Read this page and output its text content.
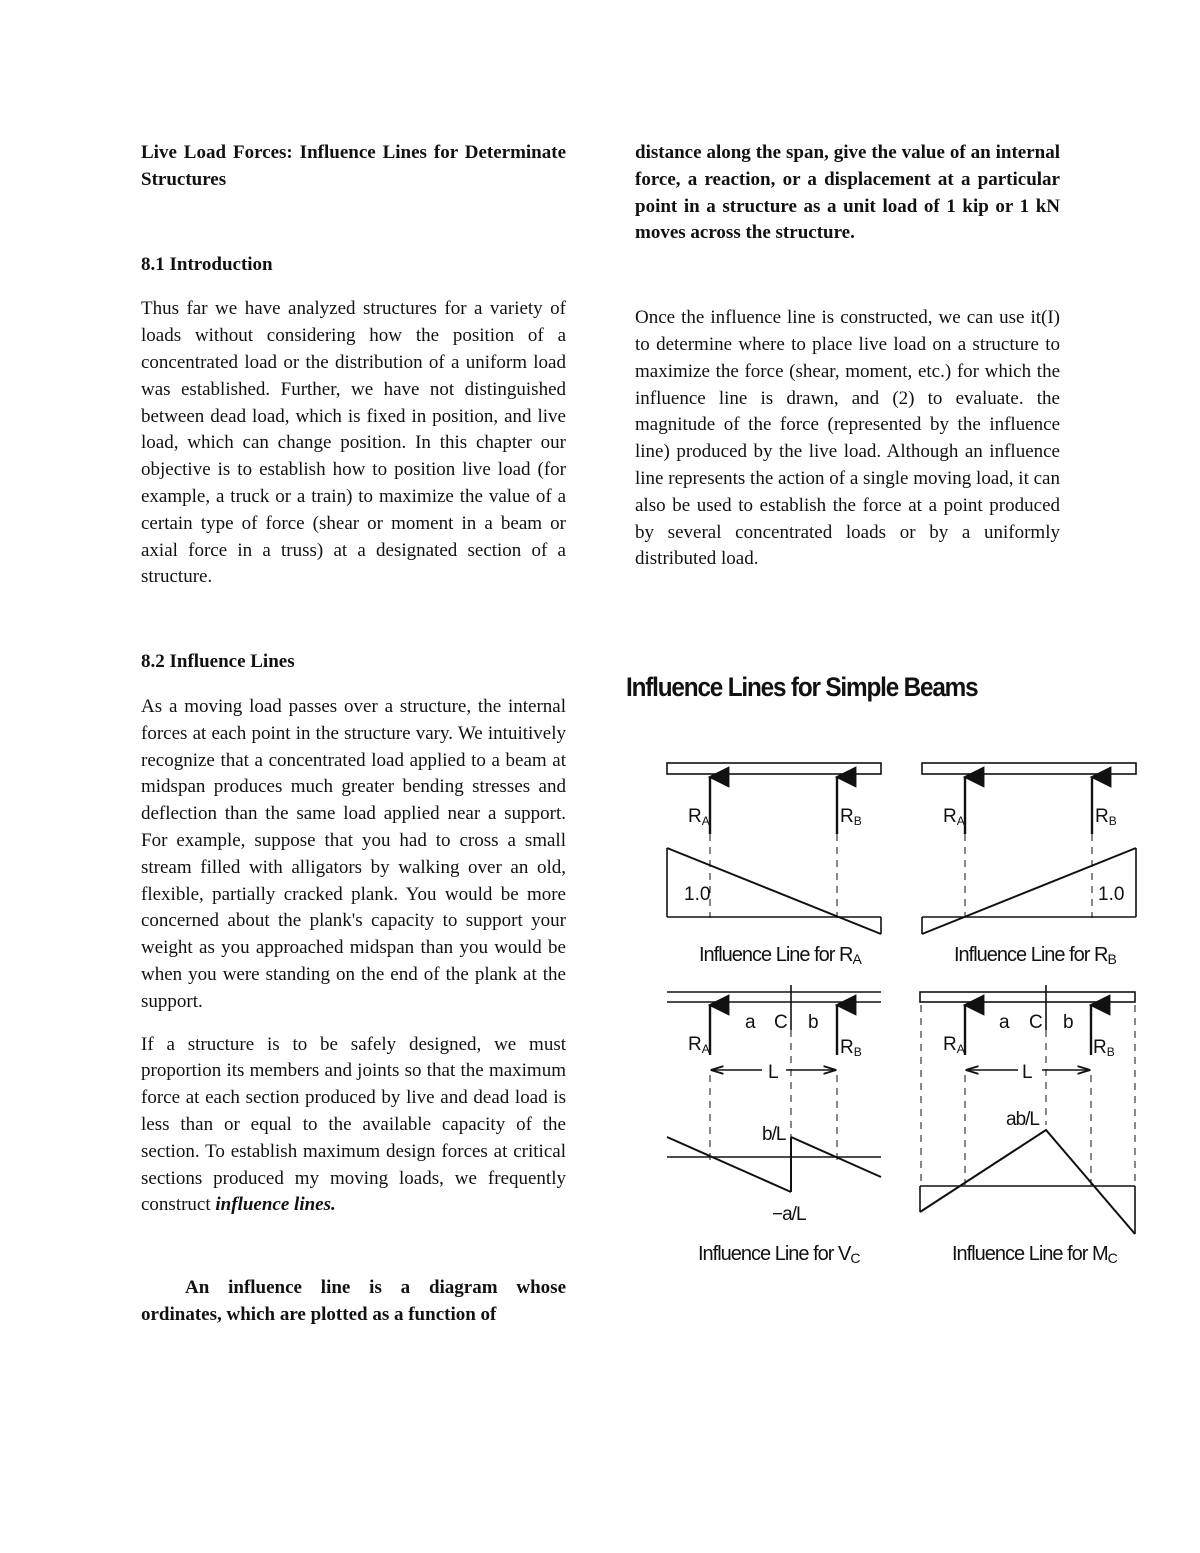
Live Load Forces: Influence Lines for Determinate Structures

8.1 Introduction

Thus far we have analyzed structures for a variety of loads without considering how the position of a concentrated load or the distribution of a uniform load was established. Further, we have not distinguished between dead load, which is fixed in position, and live load, which can change position. In this chapter our objective is to establish how to position live load (for example, a truck or a train) to maximize the value of a certain type of force (shear or moment in a beam or axial force in a truss) at a designated section of a structure.

8.2 Influence Lines

As a moving load passes over a structure, the internal forces at each point in the structure vary. We intuitively recognize that a concentrated load applied to a beam at midspan produces much greater bending stresses and deflection than the same load applied near a support. For example, suppose that you had to cross a small stream filled with alligators by walking over an old, flexible, partially cracked plank. You would be more concerned about the plank's capacity to support your weight as you approached midspan than you would be when you were standing on the end of the plank at the support.

If a structure is to be safely designed, we must proportion its members and joints so that the maximum force at each section produced by live and dead load is less than or equal to the available capacity of the section. To establish maximum design forces at critical sections produced my moving loads, we frequently construct influence lines.

An influence line is a diagram whose ordinates, which are plotted as a function of

distance along the span, give the value of an internal force, a reaction, or a displacement at a particular point in a structure as a unit load of 1 kip or 1 kN moves across the structure.

Once the influence line is constructed, we can use it(I) to determine where to place live load on a structure to maximize the force (shear, moment, etc.) for which the influence line is drawn, and (2) to evaluate. the magnitude of the force (represented by the influence line) produced by the live load. Although an influence line represents the action of a single moving load, it can also be used to establish the force at a point produced by several concentrated loads or by a uniformly distributed load.

Influence Lines for Simple Beams
RA	RB
1.0
Influence Line for RA
RA	RB
1.0
Influence Line for RB
a C b
RA	RB
L
b/L
−a/L
Influence Line for VC
a C b
RA	RB
L
ab/L
Influence Line for MC
